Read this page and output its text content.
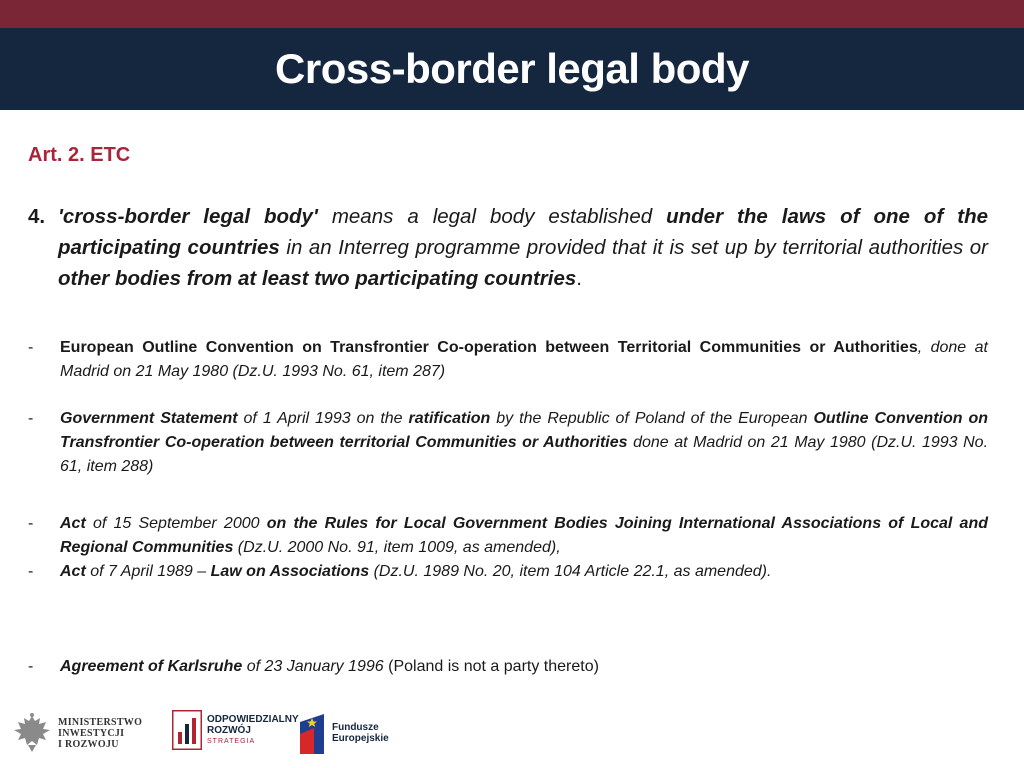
Cross-border legal body
Art. 2. ETC
4. 'cross-border legal body' means a legal body established under the laws of one of the participating countries in an Interreg programme provided that it is set up by territorial authorities or other bodies from at least two participating countries.
- European Outline Convention on Transfrontier Co-operation between Territorial Communities or Authorities, done at Madrid on 21 May 1980 (Dz.U. 1993 No. 61, item 287)
- Government Statement of 1 April 1993 on the ratification by the Republic of Poland of the European Outline Convention on Transfrontier Co-operation between territorial Communities or Authorities done at Madrid on 21 May 1980 (Dz.U. 1993 No. 61, item 288)
- Act of 15 September 2000 on the Rules for Local Government Bodies Joining International Associations of Local and Regional Communities (Dz.U. 2000 No. 91, item 1009, as amended),
- Act of 7 April 1989 – Law on Associations (Dz.U. 1989 No. 20, item 104 Article 22.1, as amended).
- Agreement of Karlsruhe of 23 January 1996 (Poland is not a party thereto)
MINISTERSTWO
INWESTYCJI
I ROZWOJU
ODPOWIEDZIALNY
ROZWÓJ
STRATEGIA
Fundusze
Europejskie
